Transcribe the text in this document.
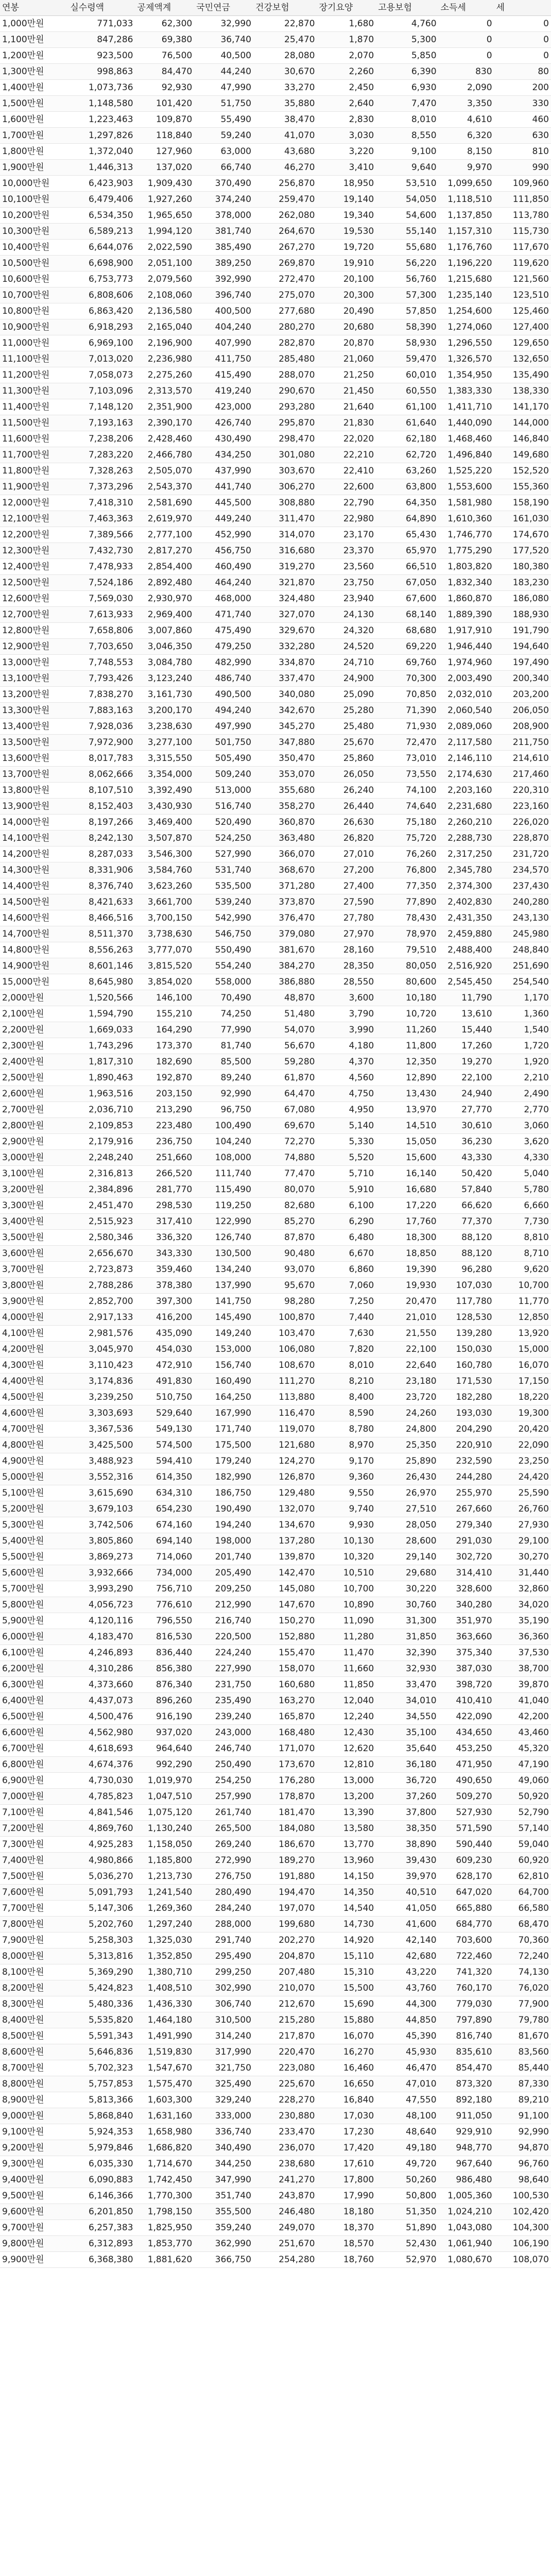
연봉	실수령액	공제액계	국민연금	건강보험	장기요양	고용보험	소득세	세
1,000만원	771,033	62,300	32,990	22,870	1,680	4,760	0	0
1,100만원	847,286	69,380	36,740	25,470	1,870	5,300	0	0
1,200만원	923,500	76,500	40,500	28,080	2,070	5,850	0	0
1,300만원	998,863	84,470	44,240	30,670	2,260	6,390	830	80
1,400만원	1,073,736	92,930	47,990	33,270	2,450	6,930	2,090	200
1,500만원	1,148,580	101,420	51,750	35,880	2,640	7,470	3,350	330
1,600만원	1,223,463	109,870	55,490	38,470	2,830	8,010	4,610	460
1,700만원	1,297,826	118,840	59,240	41,070	3,030	8,550	6,320	630
1,800만원	1,372,040	127,960	63,000	43,680	3,220	9,100	8,150	810
1,900만원	1,446,313	137,020	66,740	46,270	3,410	9,640	9,970	990
10,000만원	6,423,903	1,909,430	370,490	256,870	18,950	53,510	1,099,650	109,960
10,100만원	6,479,406	1,927,260	374,240	259,470	19,140	54,050	1,118,510	111,850
10,200만원	6,534,350	1,965,650	378,000	262,080	19,340	54,600	1,137,850	113,780
10,300만원	6,589,213	1,994,120	381,740	264,670	19,530	55,140	1,157,310	115,730
10,400만원	6,644,076	2,022,590	385,490	267,270	19,720	55,680	1,176,760	117,670
10,500만원	6,698,900	2,051,100	389,250	269,870	19,910	56,220	1,196,220	119,620
10,600만원	6,753,773	2,079,560	392,990	272,470	20,100	56,760	1,215,680	121,560
10,700만원	6,808,606	2,108,060	396,740	275,070	20,300	57,300	1,235,140	123,510
10,800만원	6,863,420	2,136,580	400,500	277,680	20,490	57,850	1,254,600	125,460
10,900만원	6,918,293	2,165,040	404,240	280,270	20,680	58,390	1,274,060	127,400
11,000만원	6,969,100	2,196,900	407,990	282,870	20,870	58,930	1,296,550	129,650
11,100만원	7,013,020	2,236,980	411,750	285,480	21,060	59,470	1,326,570	132,650
11,200만원	7,058,073	2,275,260	415,490	288,070	21,250	60,010	1,354,950	135,490
11,300만원	7,103,096	2,313,570	419,240	290,670	21,450	60,550	1,383,330	138,330
11,400만원	7,148,120	2,351,900	423,000	293,280	21,640	61,100	1,411,710	141,170
11,500만원	7,193,163	2,390,170	426,740	295,870	21,830	61,640	1,440,090	144,000
11,600만원	7,238,206	2,428,460	430,490	298,470	22,020	62,180	1,468,460	146,840
11,700만원	7,283,220	2,466,780	434,250	301,080	22,210	62,720	1,496,840	149,680
11,800만원	7,328,263	2,505,070	437,990	303,670	22,410	63,260	1,525,220	152,520
11,900만원	7,373,296	2,543,370	441,740	306,270	22,600	63,800	1,553,600	155,360
12,000만원	7,418,310	2,581,690	445,500	308,880	22,790	64,350	1,581,980	158,190
12,100만원	7,463,363	2,619,970	449,240	311,470	22,980	64,890	1,610,360	161,030
12,200만원	7,389,566	2,777,100	452,990	314,070	23,170	65,430	1,746,770	174,670
12,300만원	7,432,730	2,817,270	456,750	316,680	23,370	65,970	1,775,290	177,520
12,400만원	7,478,933	2,854,400	460,490	319,270	23,560	66,510	1,803,820	180,380
12,500만원	7,524,186	2,892,480	464,240	321,870	23,750	67,050	1,832,340	183,230
12,600만원	7,569,030	2,930,970	468,000	324,480	23,940	67,600	1,860,870	186,080
12,700만원	7,613,933	2,969,400	471,740	327,070	24,130	68,140	1,889,390	188,930
12,800만원	7,658,806	3,007,860	475,490	329,670	24,320	68,680	1,917,910	191,790
12,900만원	7,703,650	3,046,350	479,250	332,280	24,520	69,220	1,946,440	194,640
13,000만원	7,748,553	3,084,780	482,990	334,870	24,710	69,760	1,974,960	197,490
13,100만원	7,793,426	3,123,240	486,740	337,470	24,900	70,300	2,003,490	200,340
13,200만원	7,838,270	3,161,730	490,500	340,080	25,090	70,850	2,032,010	203,200
13,300만원	7,883,163	3,200,170	494,240	342,670	25,280	71,390	2,060,540	206,050
13,400만원	7,928,036	3,238,630	497,990	345,270	25,480	71,930	2,089,060	208,900
13,500만원	7,972,900	3,277,100	501,750	347,880	25,670	72,470	2,117,580	211,750
13,600만원	8,017,783	3,315,550	505,490	350,470	25,860	73,010	2,146,110	214,610
13,700만원	8,062,666	3,354,000	509,240	353,070	26,050	73,550	2,174,630	217,460
13,800만원	8,107,510	3,392,490	513,000	355,680	26,240	74,100	2,203,160	220,310
13,900만원	8,152,403	3,430,930	516,740	358,270	26,440	74,640	2,231,680	223,160
14,000만원	8,197,266	3,469,400	520,490	360,870	26,630	75,180	2,260,210	226,020
14,100만원	8,242,130	3,507,870	524,250	363,480	26,820	75,720	2,288,730	228,870
14,200만원	8,287,033	3,546,300	527,990	366,070	27,010	76,260	2,317,250	231,720
14,300만원	8,331,906	3,584,760	531,740	368,670	27,200	76,800	2,345,780	234,570
14,400만원	8,376,740	3,623,260	535,500	371,280	27,400	77,350	2,374,300	237,430
14,500만원	8,421,633	3,661,700	539,240	373,870	27,590	77,890	2,402,830	240,280
14,600만원	8,466,516	3,700,150	542,990	376,470	27,780	78,430	2,431,350	243,130
14,700만원	8,511,370	3,738,630	546,750	379,080	27,970	78,970	2,459,880	245,980
14,800만원	8,556,263	3,777,070	550,490	381,670	28,160	79,510	2,488,400	248,840
14,900만원	8,601,146	3,815,520	554,240	384,270	28,350	80,050	2,516,920	251,690
15,000만원	8,645,980	3,854,020	558,000	386,880	28,550	80,600	2,545,450	254,540
2,000만원	1,520,566	146,100	70,490	48,870	3,600	10,180	11,790	1,170
2,100만원	1,594,790	155,210	74,250	51,480	3,790	10,720	13,610	1,360
2,200만원	1,669,033	164,290	77,990	54,070	3,990	11,260	15,440	1,540
2,300만원	1,743,296	173,370	81,740	56,670	4,180	11,800	17,260	1,720
2,400만원	1,817,310	182,690	85,500	59,280	4,370	12,350	19,270	1,920
2,500만원	1,890,463	192,870	89,240	61,870	4,560	12,890	22,100	2,210
2,600만원	1,963,516	203,150	92,990	64,470	4,750	13,430	24,940	2,490
2,700만원	2,036,710	213,290	96,750	67,080	4,950	13,970	27,770	2,770
2,800만원	2,109,853	223,480	100,490	69,670	5,140	14,510	30,610	3,060
2,900만원	2,179,916	236,750	104,240	72,270	5,330	15,050	36,230	3,620
3,000만원	2,248,240	251,660	108,000	74,880	5,520	15,600	43,330	4,330
3,100만원	2,316,813	266,520	111,740	77,470	5,710	16,140	50,420	5,040
3,200만원	2,384,896	281,770	115,490	80,070	5,910	16,680	57,840	5,780
3,300만원	2,451,470	298,530	119,250	82,680	6,100	17,220	66,620	6,660
3,400만원	2,515,923	317,410	122,990	85,270	6,290	17,760	77,370	7,730
3,500만원	2,580,346	336,320	126,740	87,870	6,480	18,300	88,120	8,810
3,600만원	2,656,670	343,330	130,500	90,480	6,670	18,850	88,120	8,710
3,700만원	2,723,873	359,460	134,240	93,070	6,860	19,390	96,280	9,620
3,800만원	2,788,286	378,380	137,990	95,670	7,060	19,930	107,030	10,700
3,900만원	2,852,700	397,300	141,750	98,280	7,250	20,470	117,780	11,770
4,000만원	2,917,133	416,200	145,490	100,870	7,440	21,010	128,530	12,850
4,100만원	2,981,576	435,090	149,240	103,470	7,630	21,550	139,280	13,920
4,200만원	3,045,970	454,030	153,000	106,080	7,820	22,100	150,030	15,000
4,300만원	3,110,423	472,910	156,740	108,670	8,010	22,640	160,780	16,070
4,400만원	3,174,836	491,830	160,490	111,270	8,210	23,180	171,530	17,150
4,500만원	3,239,250	510,750	164,250	113,880	8,400	23,720	182,280	18,220
4,600만원	3,303,693	529,640	167,990	116,470	8,590	24,260	193,030	19,300
4,700만원	3,367,536	549,130	171,740	119,070	8,780	24,800	204,290	20,420
4,800만원	3,425,500	574,500	175,500	121,680	8,970	25,350	220,910	22,090
4,900만원	3,488,923	594,410	179,240	124,270	9,170	25,890	232,590	23,250
5,000만원	3,552,316	614,350	182,990	126,870	9,360	26,430	244,280	24,420
5,100만원	3,615,690	634,310	186,750	129,480	9,550	26,970	255,970	25,590
5,200만원	3,679,103	654,230	190,490	132,070	9,740	27,510	267,660	26,760
5,300만원	3,742,506	674,160	194,240	134,670	9,930	28,050	279,340	27,930
5,400만원	3,805,860	694,140	198,000	137,280	10,130	28,600	291,030	29,100
5,500만원	3,869,273	714,060	201,740	139,870	10,320	29,140	302,720	30,270
5,600만원	3,932,666	734,000	205,490	142,470	10,510	29,680	314,410	31,440
5,700만원	3,993,290	756,710	209,250	145,080	10,700	30,220	328,600	32,860
5,800만원	4,056,723	776,610	212,990	147,670	10,890	30,760	340,280	34,020
5,900만원	4,120,116	796,550	216,740	150,270	11,090	31,300	351,970	35,190
6,000만원	4,183,470	816,530	220,500	152,880	11,280	31,850	363,660	36,360
6,100만원	4,246,893	836,440	224,240	155,470	11,470	32,390	375,340	37,530
6,200만원	4,310,286	856,380	227,990	158,070	11,660	32,930	387,030	38,700
6,300만원	4,373,660	876,340	231,750	160,680	11,850	33,470	398,720	39,870
6,400만원	4,437,073	896,260	235,490	163,270	12,040	34,010	410,410	41,040
6,500만원	4,500,476	916,190	239,240	165,870	12,240	34,550	422,090	42,200
6,600만원	4,562,980	937,020	243,000	168,480	12,430	35,100	434,650	43,460
6,700만원	4,618,693	964,640	246,740	171,070	12,620	35,640	453,250	45,320
6,800만원	4,674,376	992,290	250,490	173,670	12,810	36,180	471,950	47,190
6,900만원	4,730,030	1,019,970	254,250	176,280	13,000	36,720	490,650	49,060
7,000만원	4,785,823	1,047,510	257,990	178,870	13,200	37,260	509,270	50,920
7,100만원	4,841,546	1,075,120	261,740	181,470	13,390	37,800	527,930	52,790
7,200만원	4,869,760	1,130,240	265,500	184,080	13,580	38,350	571,590	57,140
7,300만원	4,925,283	1,158,050	269,240	186,670	13,770	38,890	590,440	59,040
7,400만원	4,980,866	1,185,800	272,990	189,270	13,960	39,430	609,230	60,920
7,500만원	5,036,270	1,213,730	276,750	191,880	14,150	39,970	628,170	62,810
7,600만원	5,091,793	1,241,540	280,490	194,470	14,350	40,510	647,020	64,700
7,700만원	5,147,306	1,269,360	284,240	197,070	14,540	41,050	665,880	66,580
7,800만원	5,202,760	1,297,240	288,000	199,680	14,730	41,600	684,770	68,470
7,900만원	5,258,303	1,325,030	291,740	202,270	14,920	42,140	703,600	70,360
8,000만원	5,313,816	1,352,850	295,490	204,870	15,110	42,680	722,460	72,240
8,100만원	5,369,290	1,380,710	299,250	207,480	15,310	43,220	741,320	74,130
8,200만원	5,424,823	1,408,510	302,990	210,070	15,500	43,760	760,170	76,020
8,300만원	5,480,336	1,436,330	306,740	212,670	15,690	44,300	779,030	77,900
8,400만원	5,535,820	1,464,180	310,500	215,280	15,880	44,850	797,890	79,780
8,500만원	5,591,343	1,491,990	314,240	217,870	16,070	45,390	816,740	81,670
8,600만원	5,646,836	1,519,830	317,990	220,470	16,270	45,930	835,610	83,560
8,700만원	5,702,323	1,547,670	321,750	223,080	16,460	46,470	854,470	85,440
8,800만원	5,757,853	1,575,470	325,490	225,670	16,650	47,010	873,320	87,330
8,900만원	5,813,366	1,603,300	329,240	228,270	16,840	47,550	892,180	89,210
9,000만원	5,868,840	1,631,160	333,000	230,880	17,030	48,100	911,050	91,100
9,100만원	5,924,353	1,658,980	336,740	233,470	17,230	48,640	929,910	92,990
9,200만원	5,979,846	1,686,820	340,490	236,070	17,420	49,180	948,770	94,870
9,300만원	6,035,330	1,714,670	344,250	238,680	17,610	49,720	967,640	96,760
9,400만원	6,090,883	1,742,450	347,990	241,270	17,800	50,260	986,480	98,640
9,500만원	6,146,366	1,770,300	351,740	243,870	17,990	50,800	1,005,360	100,530
9,600만원	6,201,850	1,798,150	355,500	246,480	18,180	51,350	1,024,210	102,420
9,700만원	6,257,383	1,825,950	359,240	249,070	18,370	51,890	1,043,080	104,300
9,800만원	6,312,893	1,853,770	362,990	251,670	18,570	52,430	1,061,940	106,190
9,900만원	6,368,380	1,881,620	366,750	254,280	18,760	52,970	1,080,670	108,070
